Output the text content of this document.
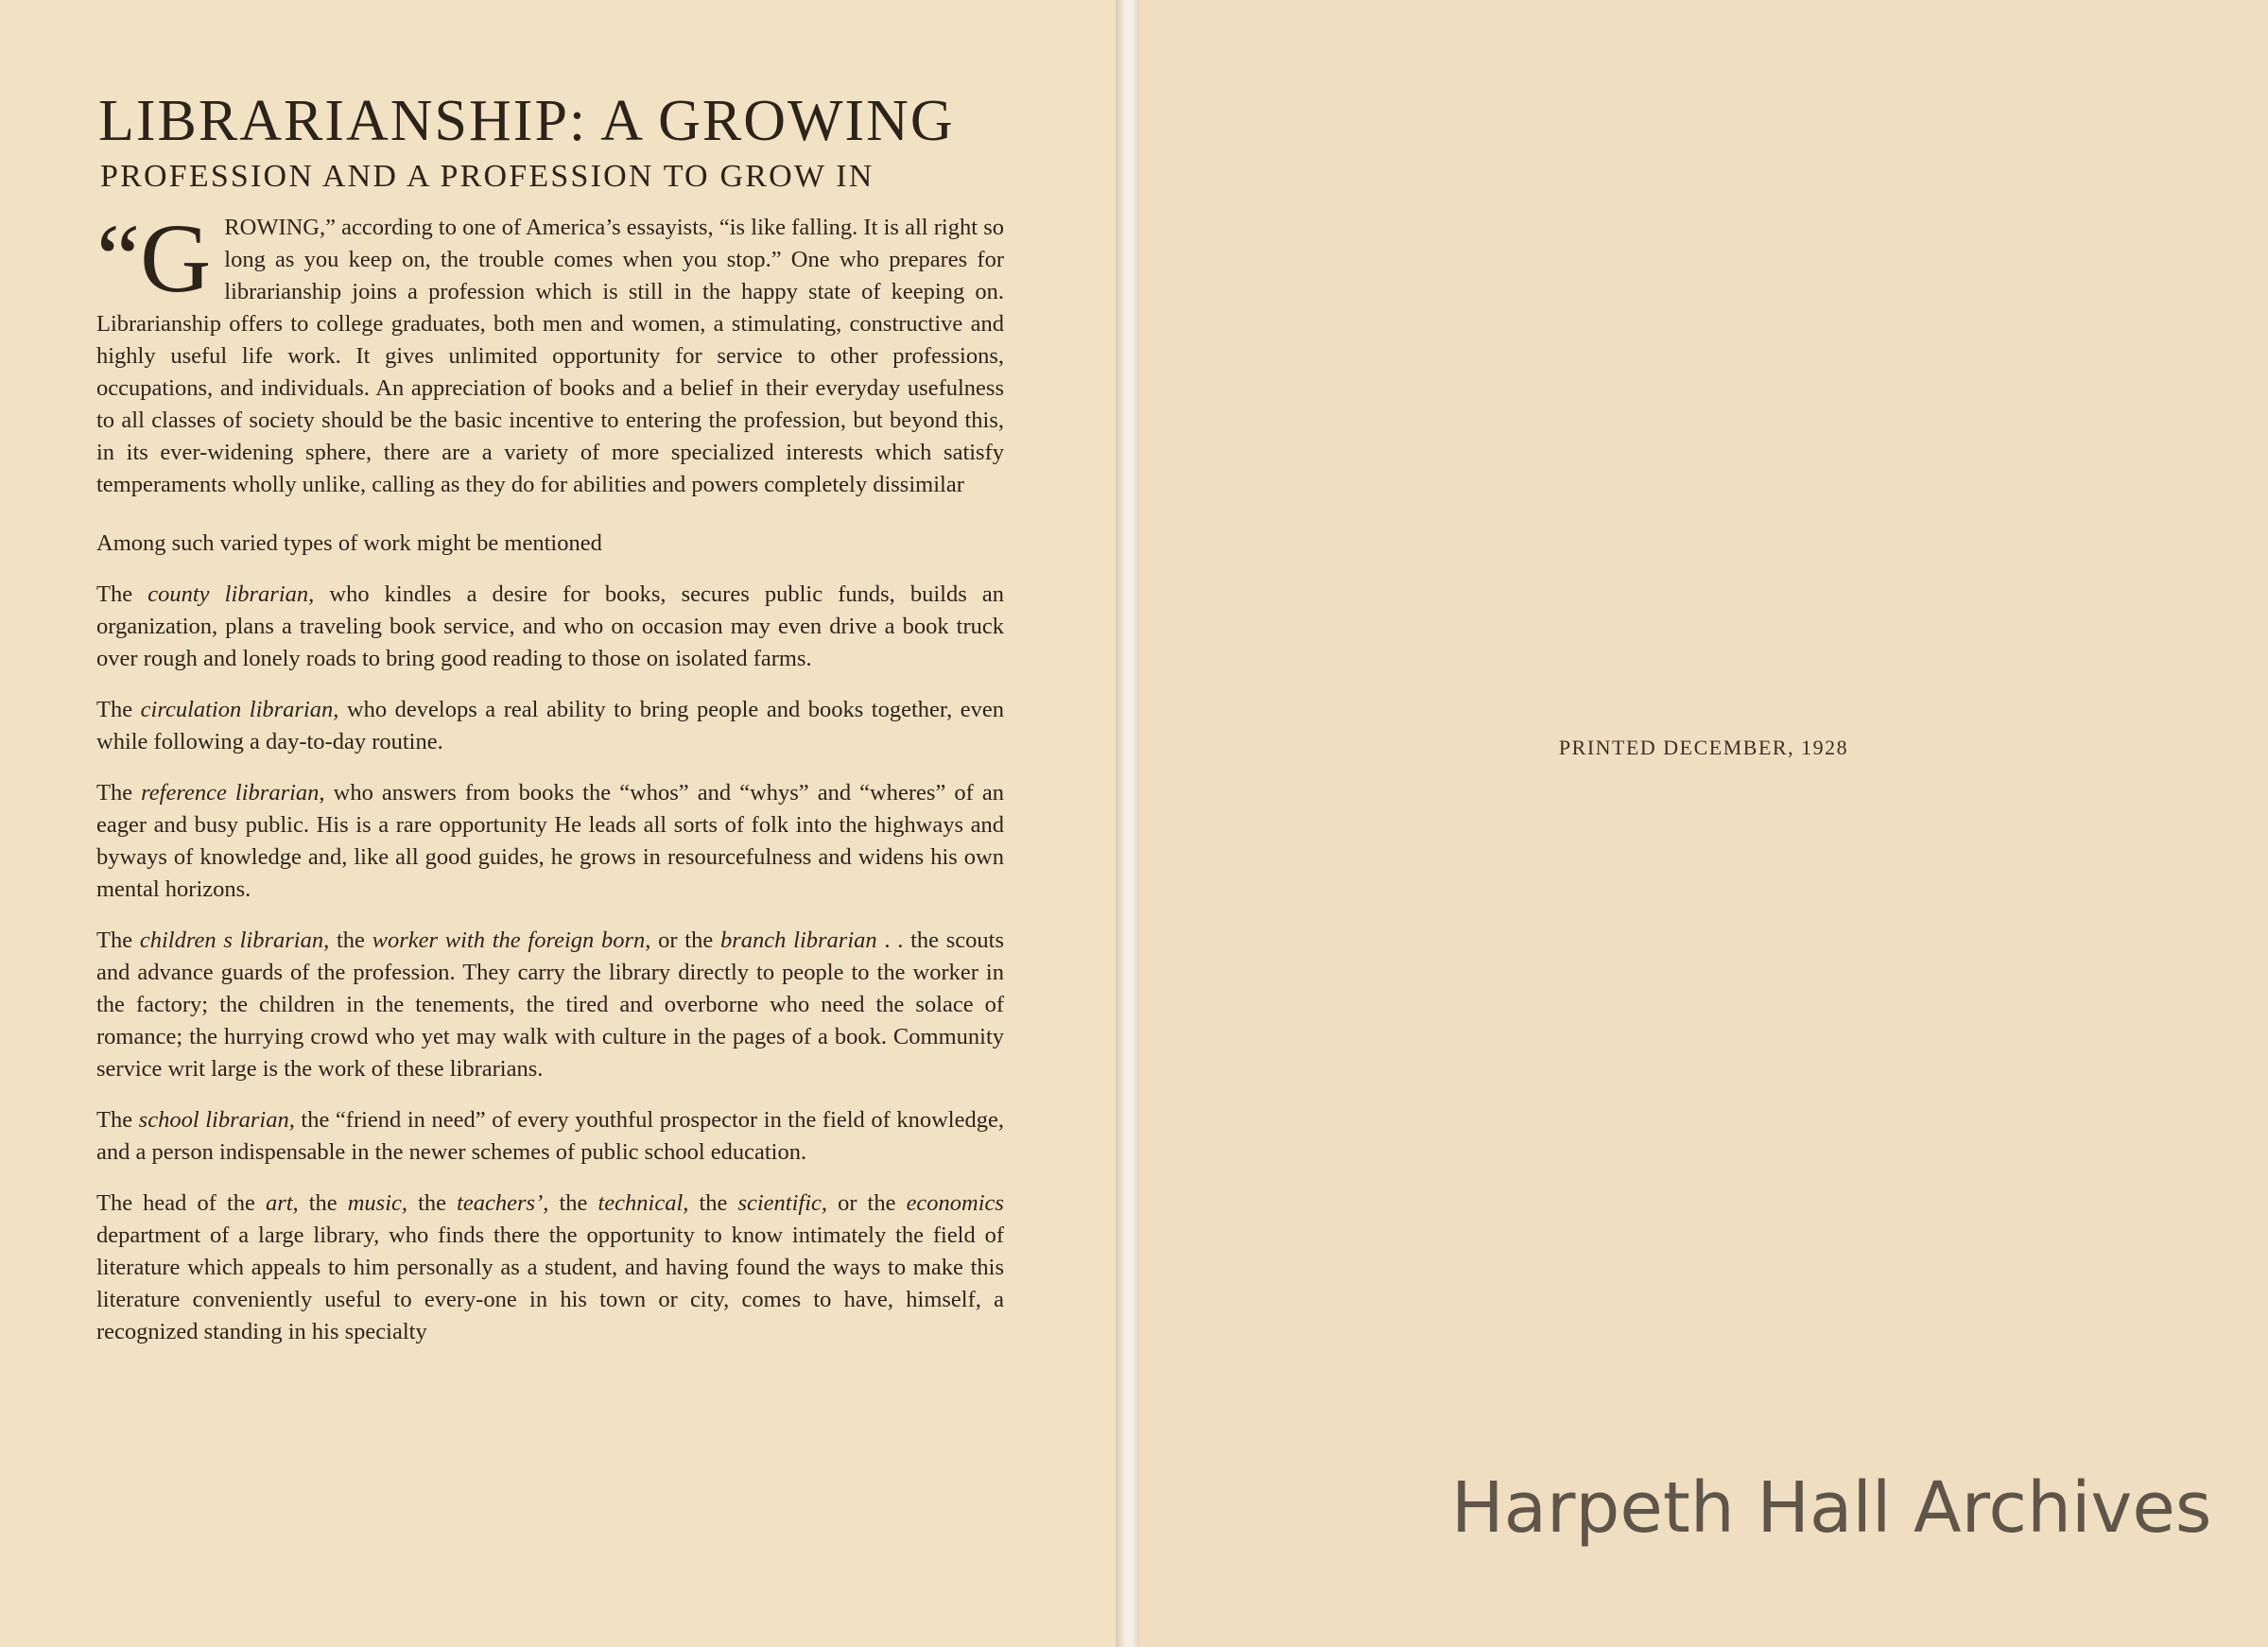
LIBRARIANSHIP: A GROWING
PROFESSION AND A PROFESSION TO GROW IN

“G ROWING,” according to one of America’s essayists, “is like falling. It is all right so long as you keep on, the trouble comes when you stop.” One who prepares for librarianship joins a profession which is still in the happy state of keeping on. Librarianship offers to college graduates, both men and women, a stimulating, constructive and highly useful life work. It gives unlimited opportunity for service to other professions, occupations, and individuals. An appreciation of books and a belief in their everyday usefulness to all classes of society should be the basic incentive to entering the profession, but beyond this, in its ever-widening sphere, there are a variety of more specialized interests which satisfy temperaments wholly unlike, calling as they do for abilities and powers completely dissimilar

Among such varied types of work might be mentioned

The county librarian, who kindles a desire for books, secures public funds, builds an organization, plans a traveling book service, and who on occasion may even drive a book truck over rough and lonely roads to bring good reading to those on isolated farms.

The circulation librarian, who develops a real ability to bring people and books together, even while following a day-to-day routine.

The reference librarian, who answers from books the “whos” and “whys” and “wheres” of an eager and busy public. His is a rare opportunity He leads all sorts of folk into the highways and byways of knowledge and, like all good guides, he grows in resourcefulness and widens his own mental horizons.

The children s librarian, the worker with the foreign born, or the branch librarian . . the scouts and advance guards of the profession. They carry the library directly to people to the worker in the factory; the children in the tenements, the tired and overborne who need the solace of romance; the hurrying crowd who yet may walk with culture in the pages of a book. Community service writ large is the work of these librarians.

The school librarian, the “friend in need” of every youthful prospector in the field of knowledge, and a person indispensable in the newer schemes of public school education.

The head of the art, the music, the teachers’, the technical, the scientific, or the economics department of a large library, who finds there the opportunity to know intimately the field of literature which appeals to him personally as a student, and having found the ways to make this literature conveniently useful to every-one in his town or city, comes to have, himself, a recognized standing in his specialty

PRINTED DECEMBER, 1928
Harpeth Hall Archives
